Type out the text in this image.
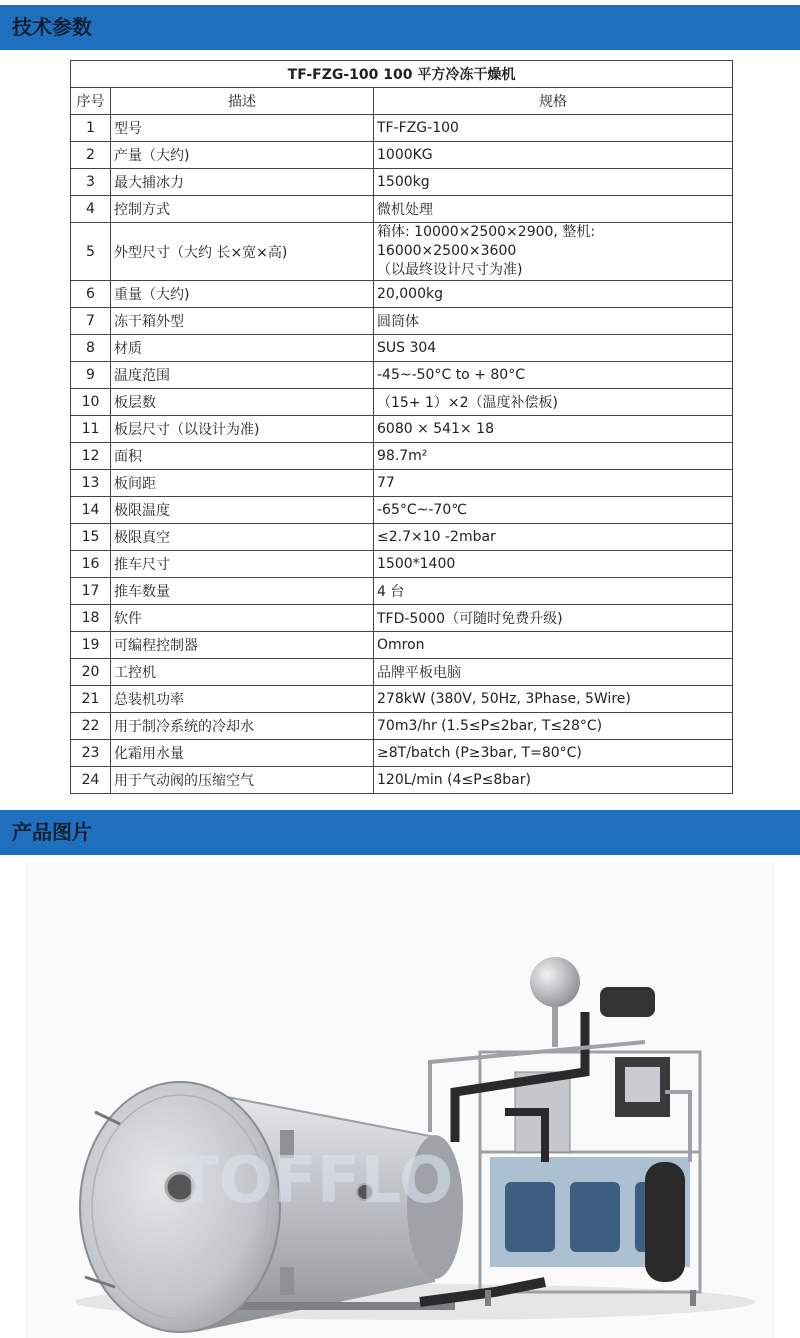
技术参数
TF-FZG-100 100 平方冷冻干燥机		
序号	描述	规格
1	型号	TF-FZG-100
2	产量（大约)	1000KG
3	最大捕冰力	1500kg
4	控制方式	微机处理
5	外型尺寸（大约 长×宽×高)	箱体: 10000×2500×2900, 整机: 16000×2500×3600
（以最终设计尺寸为准)

6	重量（大约)	20,000kg
7	冻干箱外型	圆筒体
8	材质	SUS 304
9	温度范围	-45~-50°C to + 80°C
10	板层数	（15+ 1）×2（温度补偿板)
11	板层尺寸（以设计为准)	6080 × 541× 18
12	面积	98.7m²
13	板间距	77
14	极限温度	-65°C~-70℃
15	极限真空	≤2.7×10 -2mbar
16	推车尺寸	1500*1400
17	推车数量	4 台
18	软件	TFD-5000（可随时免费升级)
19	可编程控制器	Omron
20	工控机	品牌平板电脑
21	总装机功率	278kW (380V, 50Hz, 3Phase, 5Wire)
22	用于制冷系统的冷却水	70m3/hr (1.5≤P≤2bar, T≤28°C)
23	化霜用水量	≥8T/batch (P≥3bar, T=80°C)
24	用于气动阀的压缩空气	120L/min (4≤P≤8bar)
产品图片
TOFFLO
